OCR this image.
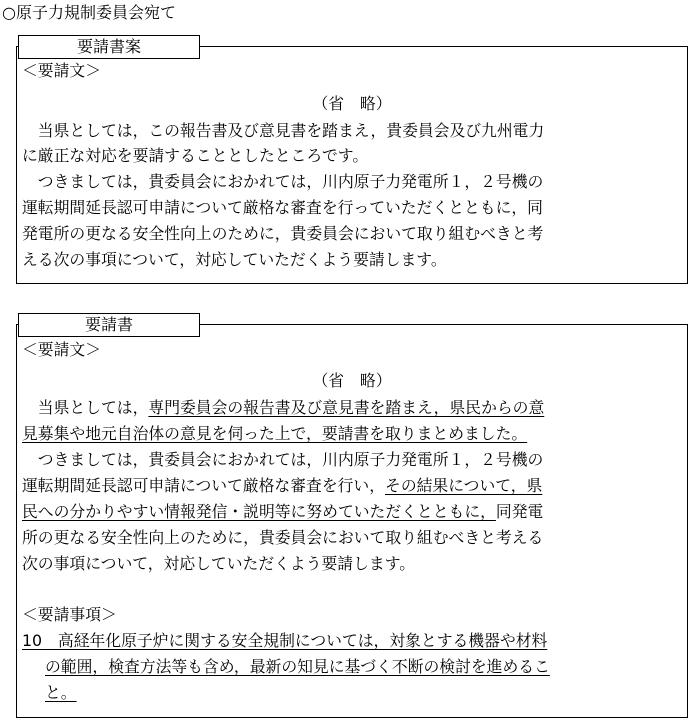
○原子力規制委員会宛て
要請書案
＜要請文＞
（省　略）
　当県としては，この報告書及び意見書を踏まえ，貴委員会及び九州電力
に厳正な対応を要請することとしたところです。
　つきましては，貴委員会におかれては，川内原子力発電所１，２号機の
運転期間延長認可申請について厳格な審査を行っていただくとともに，同
発電所の更なる安全性向上のために，貴委員会において取り組むべきと考
える次の事項について，対応していただくよう要請します。
要請書
＜要請文＞
（省　略）
　当県としては，専門委員会の報告書及び意見書を踏まえ，県民からの意
見募集や地元自治体の意見を伺った上で，要請書を取りまとめました。
　つきましては，貴委員会におかれては，川内原子力発電所１，２号機の
運転期間延長認可申請について厳格な審査を行い，その結果について，県
民への分かりやすい情報発信・説明等に努めていただくとともに，同発電
所の更なる安全性向上のために，貴委員会において取り組むべきと考える
次の事項について，対応していただくよう要請します。
＜要請事項＞
10　高経年化原子炉に関する安全規制については，対象とする機器や材料
の範囲，検査方法等も含め，最新の知見に基づく不断の検討を進めるこ
と。
